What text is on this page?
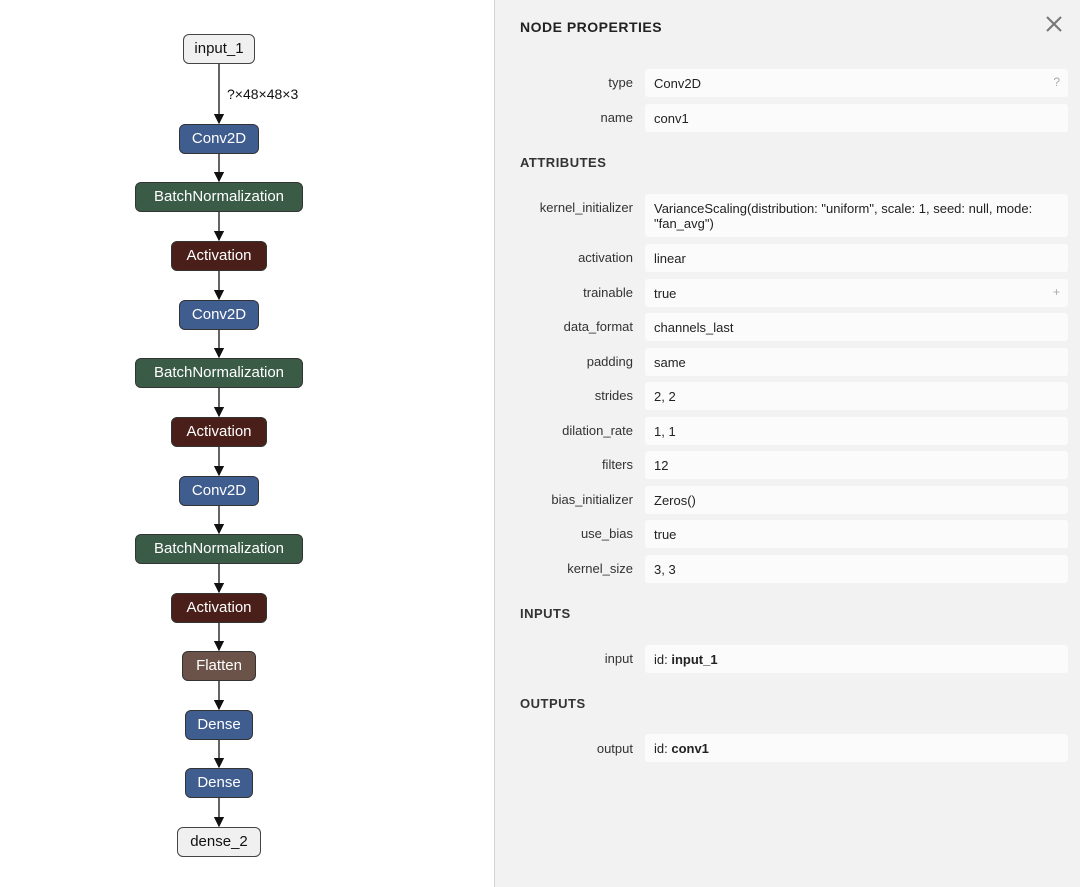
input_1
Conv2D
BatchNormalization
Activation
Conv2D
BatchNormalization
Activation
Conv2D
BatchNormalization
Activation
Flatten
Dense
Dense
dense_2
?×48×48×3
NODE PROPERTIES
type	Conv2D	?
name	conv1
ATTRIBUTES
kernel_initializer	VarianceScaling(distribution: "uniform", scale: 1, seed: null, mode: "fan_avg")
activation	linear
trainable	true	+
data_format	channels_last
padding	same
strides	2, 2
dilation_rate	1, 1
filters	12
bias_initializer	Zeros()
use_bias	true
kernel_size	3, 3
INPUTS
input	id: input_1
OUTPUTS
output	id: conv1
